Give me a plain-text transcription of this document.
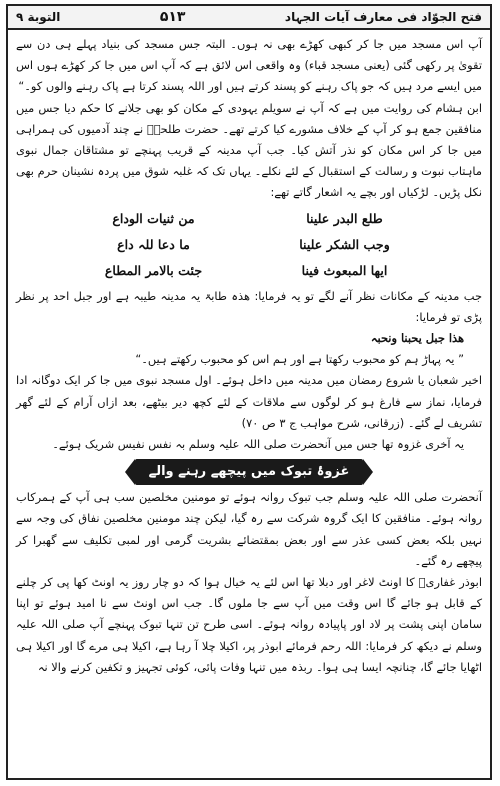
التوبة ٩	۵۱۳	فتح الجوّاد فی معارف آیات الجہاد

آپ اس مسجد میں جا کر کبھی کھڑے بھی نہ ہوں۔ البتہ جس مسجد کی بنیاد پہلے ہی دن سے تقویٰ پر رکھی گئی (یعنی مسجد قباء) وہ واقعی اس لائق ہے کہ آپ اس میں جا کر کھڑے ہوں اس میں ایسے مرد ہیں کہ جو پاک رہنے کو پسند کرتے ہیں اور اللہ پسند کرتا ہے پاک رہنے والوں کو۔“

ابن ہشام کی روایت میں ہے کہ آپ نے سویلم یہودی کے مکان کو بھی جلانے کا حکم دیا جس میں منافقین جمع ہو کر آپ کے خلاف مشورے کیا کرتے تھے۔ حضرت طلحہؓ نے چند آدمیوں کی ہمراہی میں جا کر اس مکان کو نذر آتش کیا۔ جب آپ مدینہ کے قریب پہنچے تو مشتاقان جمال نبوی ماہتاب نبوت و رسالت کے استقبال کے لئے نکلے۔ یہاں تک کہ غلبہ شوق میں پردہ نشینان حرم بھی نکل پڑیں۔ لڑکیاں اور بچے یہ اشعار گاتے تھے:

طلع البدر علینا
من ثنیات الوداع
وجب الشکر علینا
ما دعا للہ داع
ایھا المبعوث فینا
جئت بالامر المطاع

جب مدینہ کے مکانات نظر آنے لگے تو یہ فرمایا: ھذہ طابۃ یہ مدینہ طیبہ ہے اور جبل احد پر نظر پڑی تو فرمایا:

ھذا جبل یحبنا ونحبہ

” یہ پہاڑ ہم کو محبوب رکھتا ہے اور ہم اس کو محبوب رکھتے ہیں۔“

اخیر شعبان یا شروع رمضان میں مدینہ میں داخل ہوئے۔ اول مسجد نبوی میں جا کر ایک دوگانہ ادا فرمایا، نماز سے فارغ ہو کر لوگوں سے ملاقات کے لئے کچھ دیر بیٹھے، بعد ازاں آرام کے لئے گھر تشریف لے گئے۔ (زرقانی، شرح مواہب ج ۳ ص ۷۰)

یہ آخری غزوہ تھا جس میں آنحضرت صلی اللہ علیہ وسلم بہ نفس نفیس شریک ہوئے۔

غزوۂ تبوک میں پیچھے رہنے والے

آنحضرت صلی اللہ علیہ وسلم جب تبوک روانہ ہوئے تو مومنین مخلصین سب ہی آپ کے ہمرکاب روانہ ہوئے۔ منافقین کا ایک گروہ شرکت سے رہ گیا، لیکن چند مومنین مخلصین نفاق کی وجہ سے نہیں بلکہ بعض کسی عذر سے اور بعض بمقتضائے بشریت گرمی اور لمبی تکلیف سے گھبرا کر پیچھے رہ گئے۔

ابوذر غفاریؓ کا اونٹ لاغر اور دبلا تھا اس لئے یہ خیال ہوا کہ دو چار روز یہ اونٹ کھا پی کر چلنے کے قابل ہو جائے گا اس وقت میں آپ سے جا ملوں گا۔ جب اس اونٹ سے نا امید ہوئے تو اپنا سامان اپنی پشت پر لاد اور پاپیادہ روانہ ہوئے۔ اسی طرح تن تنہا تبوک پہنچے آپ صلی اللہ علیہ وسلم نے دیکھ کر فرمایا: اللہ رحم فرمائے ابوذر پر، اکیلا چلا آ رہا ہے، اکیلا ہی مرے گا اور اکیلا ہی اٹھایا جائے گا، چنانچہ ایسا ہی ہوا۔ ربذہ میں تنہا وفات پائی، کوئی تجہیز و تکفین کرنے والا نہ
